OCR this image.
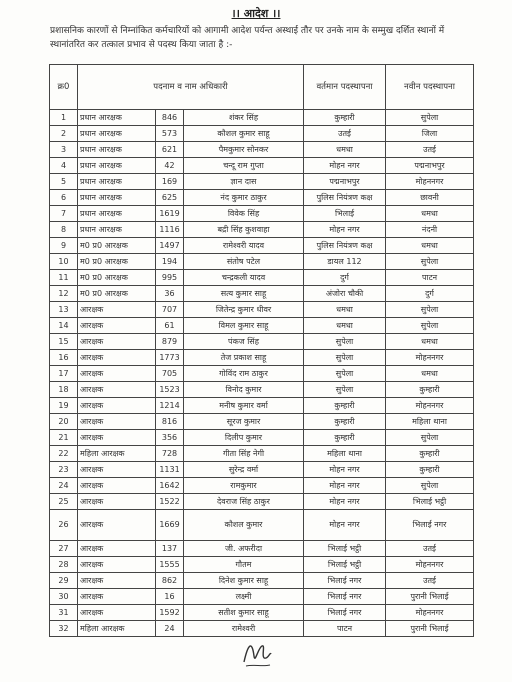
।। आदेश ।।
प्रशासनिक कारणों से निम्नांकित कर्मचारियों को आगामी आदेश पर्यन्त अस्थाई तौर पर उनके नाम के सम्मुख दर्शित स्थानों में स्थानांतरित कर तत्काल प्रभाव से पदस्थ किया जाता है :-
क्र0	पदनाम व नाम अधिकारी			वर्तमान पदस्थापना	नवीन पदस्थापना
1	प्रधान आरक्षक	846	शंकर सिंह	कुम्हारी	सुपेला
2	प्रधान आरक्षक	573	कौशल कुमार साहू	उतई	जिला
3	प्रधान आरक्षक	621	पैमकुमार सोनकर	धमधा	उतई
4	प्रधान आरक्षक	42	चन्दू राम गुप्ता	मोहन नगर	पद्मनाभपुर
5	प्रधान आरक्षक	169	ज्ञान दास	पद्मनाभपुर	मोहननगर
6	प्रधान आरक्षक	625	नंद कुमार ठाकुर	पुलिस नियंत्रण कक्ष	छावनी
7	प्रधान आरक्षक	1619	विवेक सिंह	भिलाई	धमधा
8	प्रधान आरक्षक	1116	बद्री सिंह कुशवाहा	मोहन नगर	नंदनी
9	म0 प्र0 आरक्षक	1497	रामेश्वरी यादव	पुलिस नियंत्रण कक्ष	धमधा
10	म0 प्र0 आरक्षक	194	संतोष पटेल	डायल 112	सुपेला
11	म0 प्र0 आरक्षक	995	चन्द्रकली यादव	दुर्ग	पाटन
12	म0 प्र0 आरक्षक	36	सत्य कुमार साहू	अंजोरा चौकी	दुर्ग
13	आरक्षक	707	जितेन्द्र कुमार धीवर	धमधा	सुपेला
14	आरक्षक	61	विमल कुमार साहू	धमधा	सुपेला
15	आरक्षक	879	पंकज सिंह	सुपेला	धमधा
16	आरक्षक	1773	तेज प्रकाश साहू	सुपेला	मोहननगर
17	आरक्षक	705	गोविंद राम ठाकुर	सुपेला	धमधा
18	आरक्षक	1523	विनोद कुमार	सुपेला	कुम्हारी
19	आरक्षक	1214	मनीष कुमार वर्मा	कुम्हारी	मोहननगर
20	आरक्षक	816	सूरज कुमार	कुम्हारी	महिला थाना
21	आरक्षक	356	दिलीप कुमार	कुम्हारी	सुपेला
22	महिला आरक्षक	728	गीता सिंह नेगी	महिला थाना	कुम्हारी
23	आरक्षक	1131	सुरेन्द्र वर्मा	मोहन नगर	कुम्हारी
24	आरक्षक	1642	रामकुमार	मोहन नगर	सुपेला
25	आरक्षक	1522	देवराज सिंह ठाकुर	मोहन नगर	भिलाई भट्ठी
26	आरक्षक	1669	कौशल कुमार	मोहन नगर	भिलाई नगर
27	आरक्षक	137	जी. अफरीदा	भिलाई भट्ठी	उतई
28	आरक्षक	1555	गौतम	भिलाई भट्ठी	मोहननगर
29	आरक्षक	862	दिनेश कुमार साहू	भिलाई नगर	उतई
30	आरक्षक	16	लक्ष्मी	भिलाई नगर	पुरानी भिलाई
31	आरक्षक	1592	सतीश कुमार साहू	भिलाई नगर	मोहननगर
32	महिला आरक्षक	24	रामेश्वरी	पाटन	पुरानी भिलाई
